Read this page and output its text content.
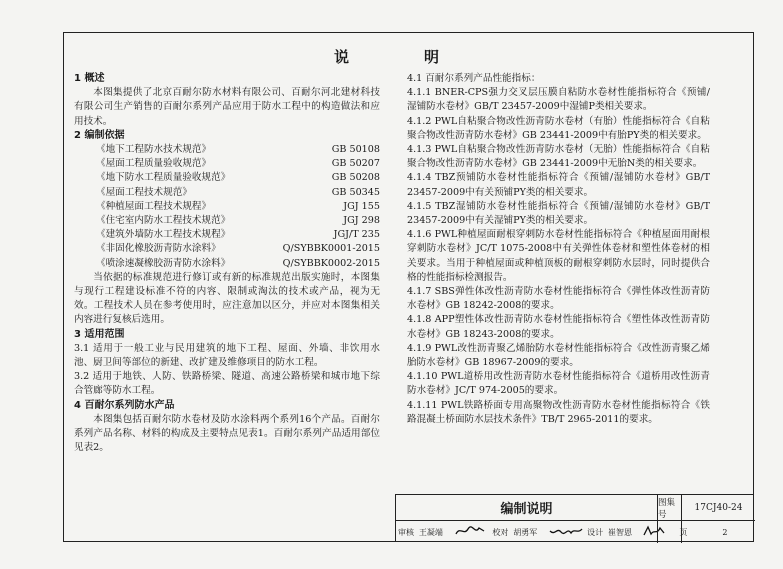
说　明
1 概述
本图集提供了北京百耐尔防水材料有限公司、百耐尔河北建材科技有限公司生产销售的百耐尔系列产品应用于防水工程中的构造做法和应用技术。
2 编制依据
《地下工程防水技术规范》	GB 50108
《屋面工程质量验收规范》	GB 50207
《地下防水工程质量验收规范》	GB 50208
《屋面工程技术规范》	GB 50345
《种植屋面工程技术规程》	JGJ 155
《住宅室内防水工程技术规范》	JGJ 298
《建筑外墙防水工程技术规程》	JGJ/T 235
《非固化橡胶沥青防水涂料》	Q/SYBBK0001-2015
《喷涂速凝橡胶沥青防水涂料》	Q/SYBBK0002-2015
当依据的标准规范进行修订或有新的标准规范出版实施时，本图集与现行工程建设标准不符的内容、限制或淘汰的技术或产品，视为无效。工程技术人员在参考使用时，应注意加以区分，并应对本图集相关内容进行复核后选用。
3 适用范围
3.1 适用于一般工业与民用建筑的地下工程、屋面、外墙、非饮用水池、厨卫间等部位的新建、改扩建及维修项目的防水工程。
3.2 适用于地铁、人防、铁路桥梁、隧道、高速公路桥梁和城市地下综合管廊等防水工程。
4 百耐尔系列防水产品
本图集包括百耐尔防水卷材及防水涂料两个系列16个产品。百耐尔系列产品名称、材料的构成及主要特点见表1。百耐尔系列产品适用部位见表2。
4.1 百耐尔系列产品性能指标：
4.1.1 BNER-CPS强力交叉层压膜自粘防水卷材性能指标符合《预铺/湿铺防水卷材》GB/T 23457-2009中湿铺P类相关要求。
4.1.2 PWL自粘聚合物改性沥青防水卷材（有胎）性能指标符合《自粘聚合物改性沥青防水卷材》GB 23441-2009中有胎PY类的相关要求。
4.1.3 PWL自粘聚合物改性沥青防水卷材（无胎）性能指标符合《自粘聚合物改性沥青防水卷材》GB 23441-2009中无胎N类的相关要求。
4.1.4 TBZ预铺防水卷材性能指标符合《预铺/湿铺防水卷材》GB/T 23457-2009中有关预铺PY类的相关要求。
4.1.5 TBZ湿铺防水卷材性能指标符合《预铺/湿铺防水卷材》GB/T 23457-2009中有关湿铺PY类的相关要求。
4.1.6 PWL种植屋面耐根穿刺防水卷材性能指标符合《种植屋面用耐根穿刺防水卷材》JC/T 1075-2008中有关弹性体卷材和塑性体卷材的相关要求。当用于种植屋面或种植顶板的耐根穿刺防水层时，同时提供合格的性能指标检测报告。
4.1.7 SBS弹性体改性沥青防水卷材性能指标符合《弹性体改性沥青防水卷材》GB 18242-2008的要求。
4.1.8 APP塑性体改性沥青防水卷材性能指标符合《塑性体改性沥青防水卷材》GB 18243-2008的要求。
4.1.9 PWL改性沥青聚乙烯胎防水卷材性能指标符合《改性沥青聚乙烯胎防水卷材》GB 18967-2009的要求。
4.1.10 PWL道桥用改性沥青防水卷材性能指标符合《道桥用改性沥青防水卷材》JC/T 974-2005的要求。
4.1.11 PWL铁路桥面专用高聚物改性沥青防水卷材性能指标符合《铁路混凝土桥面防水层技术条件》TB/T 2965-2011的要求。
编制说明	图集号
17CJ40-24
审核 王凝端	校对 胡勇军	设计 崔智恩	页	2
